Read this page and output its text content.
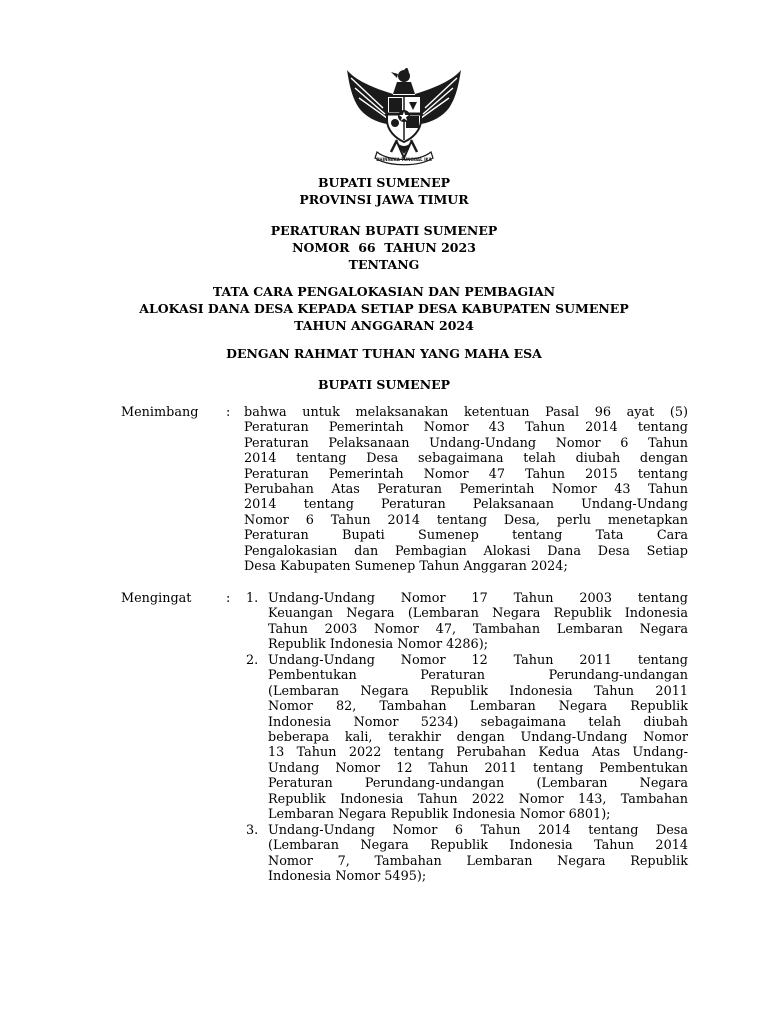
BHINNEKA TUNGGAL IKA
BUPATI SUMENEP
PROVINSI JAWA TIMUR
PERATURAN BUPATI SUMENEP
NOMOR  66  TAHUN 2023
TENTANG
TATA CARA PENGALOKASIAN DAN PEMBAGIAN
ALOKASI DANA DESA KEPADA SETIAP DESA KABUPATEN SUMENEP
TAHUN ANGGARAN 2024
DENGAN RAHMAT TUHAN YANG MAHA ESA
BUPATI SUMENEP
Menimbang : bahwa untuk melaksanakan ketentuan Pasal 96 ayat (5)
Peraturan Pemerintah Nomor 43 Tahun 2014 tentang
Peraturan Pelaksanaan Undang-Undang Nomor 6 Tahun
2014 tentang Desa sebagaimana telah diubah dengan
Peraturan Pemerintah Nomor 47 Tahun 2015 tentang
Perubahan Atas Peraturan Pemerintah Nomor 43 Tahun
2014 tentang Peraturan Pelaksanaan Undang-Undang
Nomor 6 Tahun 2014 tentang Desa, perlu menetapkan
Peraturan Bupati Sumenep tentang Tata Cara
Pengalokasian dan Pembagian Alokasi Dana Desa Setiap
Desa Kabupaten Sumenep Tahun Anggaran 2024;
Mengingat	: 1. Undang-Undang Nomor 17 Tahun 2003 tentang
Keuangan Negara (Lembaran Negara Republik Indonesia
Tahun 2003 Nomor 47, Tambahan Lembaran Negara
Republik Indonesia Nomor 4286);
2. Undang-Undang Nomor 12 Tahun 2011 tentang
Pembentukan Peraturan Perundang-undangan
(Lembaran Negara Republik Indonesia Tahun 2011
Nomor 82, Tambahan Lembaran Negara Republik
Indonesia Nomor 5234) sebagaimana telah diubah
beberapa kali, terakhir dengan Undang-Undang Nomor
13 Tahun 2022 tentang Perubahan Kedua Atas Undang-
Undang Nomor 12 Tahun 2011 tentang Pembentukan
Peraturan Perundang-undangan (Lembaran Negara
Republik Indonesia Tahun 2022 Nomor 143, Tambahan
Lembaran Negara Republik Indonesia Nomor 6801);
3. Undang-Undang Nomor 6 Tahun 2014 tentang Desa
(Lembaran Negara Republik Indonesia Tahun 2014
Nomor 7, Tambahan Lembaran Negara Republik
Indonesia Nomor 5495);
